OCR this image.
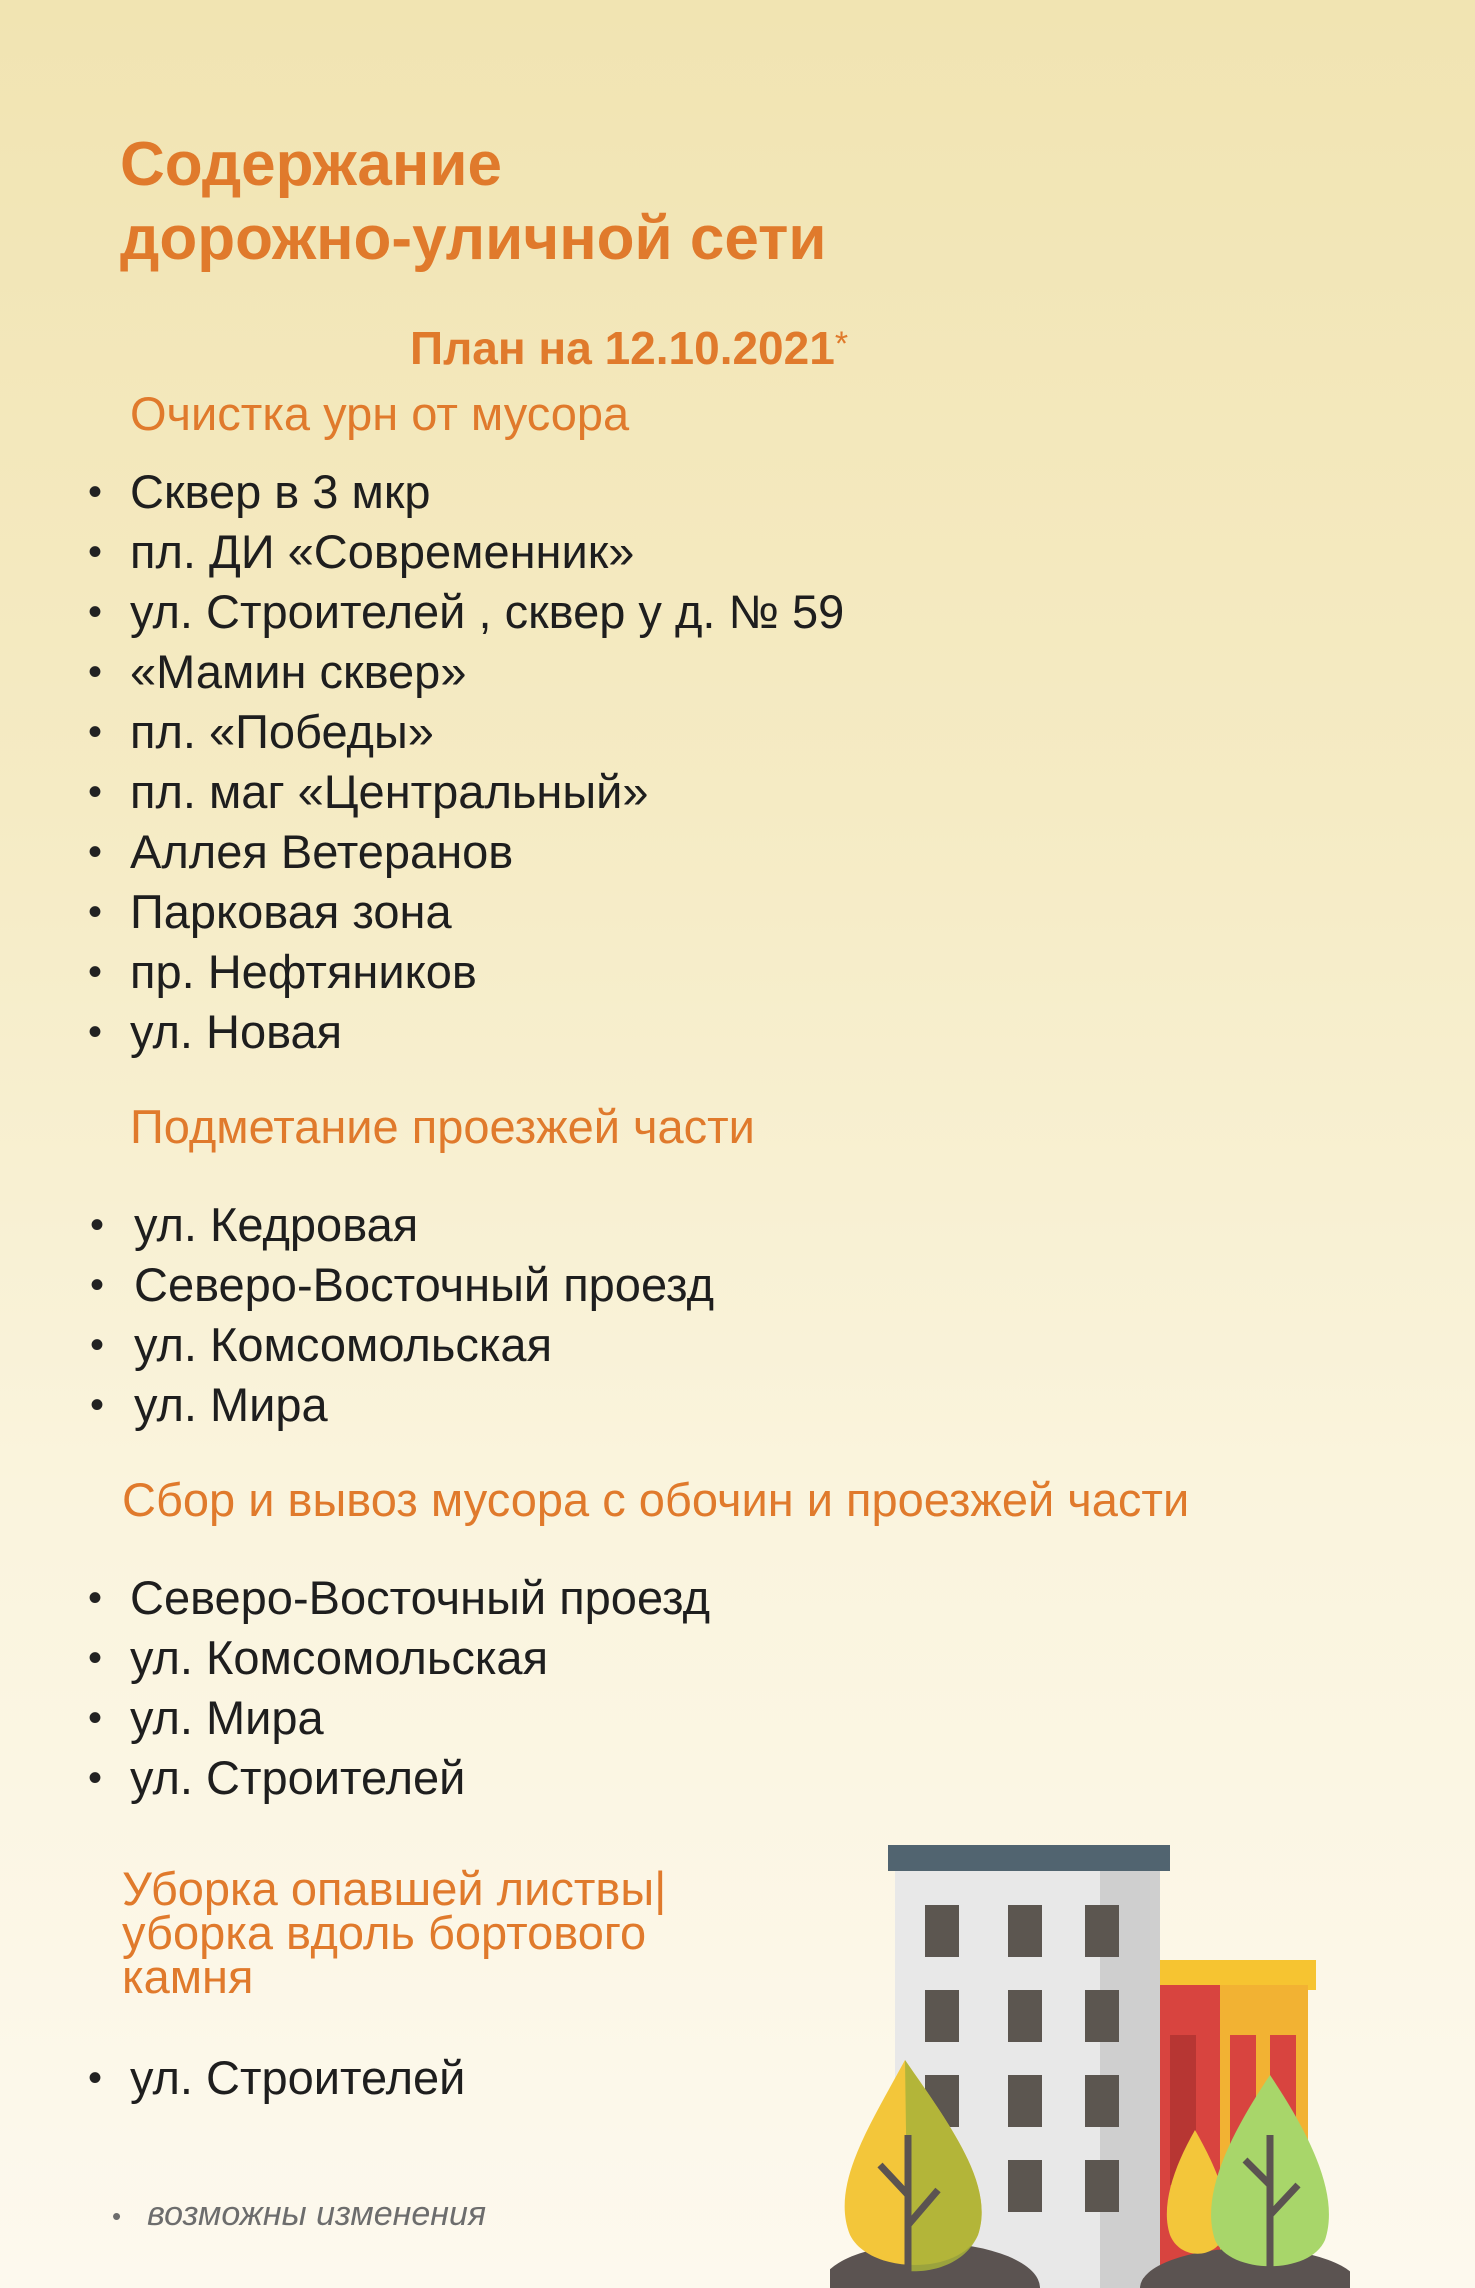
Содержание
дорожно-уличной сети
План на 12.10.2021*
Очистка урн от мусора
• Сквер в 3 мкр
• пл. ДИ «Современник»
• ул. Строителей , сквер у д. № 59
• «Мамин сквер»
• пл. «Победы»
• пл. маг «Центральный»
• Аллея Ветеранов
• Парковая зона
• пр. Нефтяников
• ул. Новая
Подметание проезжей части
• ул. Кедровая
• Северо-Восточный проезд
• ул. Комсомольская
• ул. Мира
Сбор и вывоз мусора с обочин и проезжей части
• Северо-Восточный проезд
• ул. Комсомольская
• ул. Мира
• ул. Строителей
Уборка опавшей листвы|
уборка вдоль бортового
камня
• ул. Строителей

• возможны изменения
